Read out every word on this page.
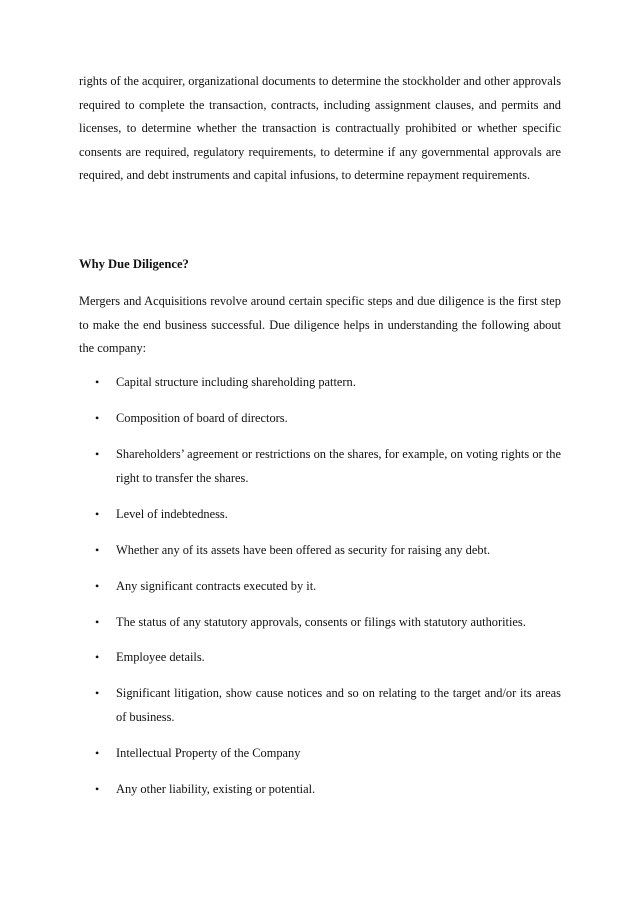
rights of the acquirer, organizational documents to determine the stockholder and other approvals required to complete the transaction, contracts, including assignment clauses, and permits and licenses, to determine whether the transaction is contractually prohibited or whether specific consents are required, regulatory requirements, to determine if any governmental approvals are required, and debt instruments and capital infusions, to determine repayment requirements.

Why Due Diligence?

Mergers and Acquisitions revolve around certain specific steps and due diligence is the first step to make the end business successful. Due diligence helps in understanding the following about the company:

• Capital structure including shareholding pattern.
• Composition of board of directors.
• Shareholders’ agreement or restrictions on the shares, for example, on voting rights or the right to transfer the shares.
• Level of indebtedness.
• Whether any of its assets have been offered as security for raising any debt.
• Any significant contracts executed by it.
• The status of any statutory approvals, consents or filings with statutory authorities.
• Employee details.
• Significant litigation, show cause notices and so on relating to the target and/or its areas of business.
• Intellectual Property of the Company
• Any other liability, existing or potential.
